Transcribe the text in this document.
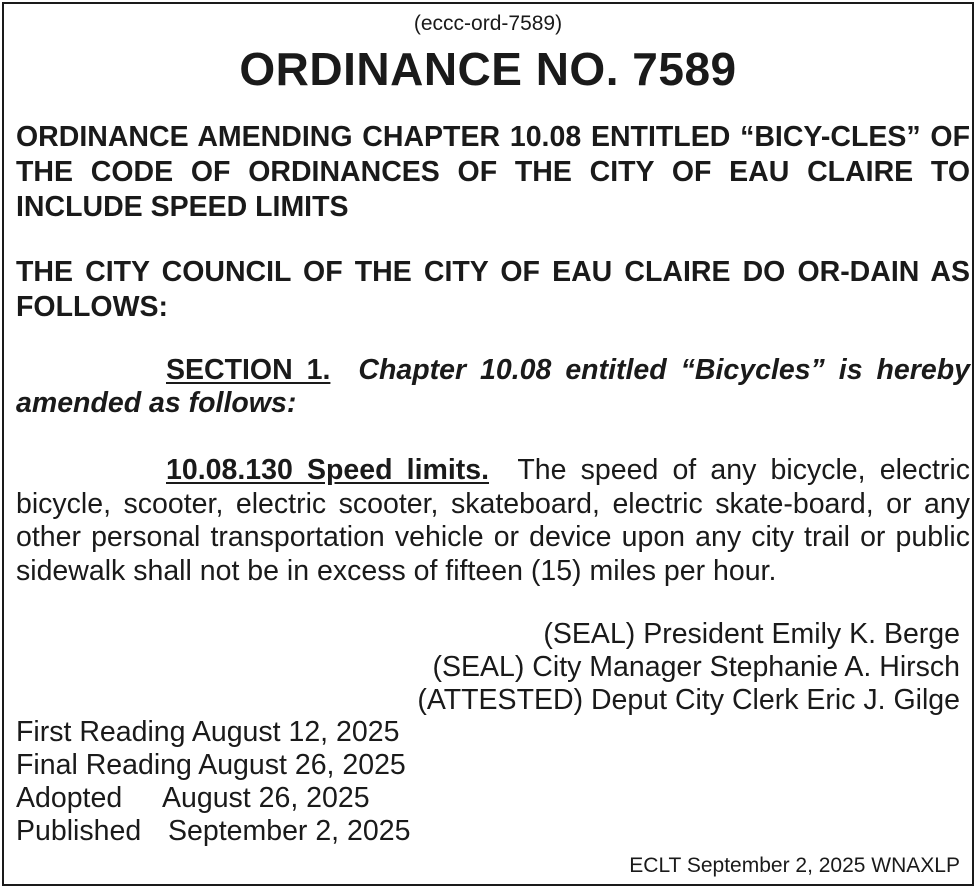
(eccc-ord-7589)
ORDINANCE NO. 7589
ORDINANCE AMENDING CHAPTER 10.08 ENTITLED “BICY-CLES” OF THE CODE OF ORDINANCES OF THE CITY OF EAU CLAIRE TO INCLUDE SPEED LIMITS
THE CITY COUNCIL OF THE CITY OF EAU CLAIRE DO OR-DAIN AS FOLLOWS:
SECTION 1. Chapter 10.08 entitled “Bicycles” is hereby amended as follows:
10.08.130 Speed limits. The speed of any bicycle, electric bicycle, scooter, electric scooter, skateboard, electric skate-board, or any other personal transportation vehicle or device upon any city trail or public sidewalk shall not be in excess of fifteen (15) miles per hour.
(SEAL) President Emily K. Berge
(SEAL) City Manager Stephanie A. Hirsch
(ATTESTED) Deput City Clerk Eric J. Gilge
First Reading August 12, 2025
Final Reading August 26, 2025
Adopted August 26, 2025
Published September 2, 2025
ECLT September 2, 2025 WNAXLP
